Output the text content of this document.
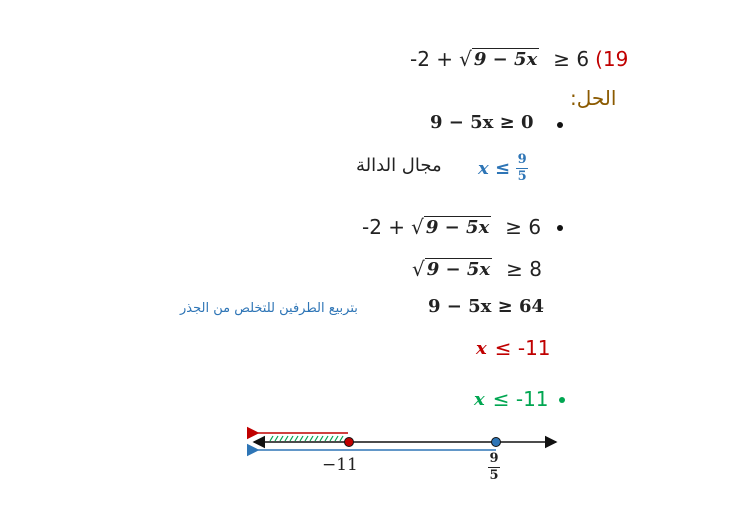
-2 + √ 9 − 5x ≥ 6 (19
الحل:
9 − 5x ≥ 0
$x \le \frac{9}{5}$
مجال الدالة
-2 + √ 9 − 5x ≥ 6
√ 9 − 5x ≥ 8
9 − 5x ≥ 64
بتربيع الطرفين للتخلص من الجذر
x ≤ -11
x ≤ -11
−11	$\frac{9}{5}$
